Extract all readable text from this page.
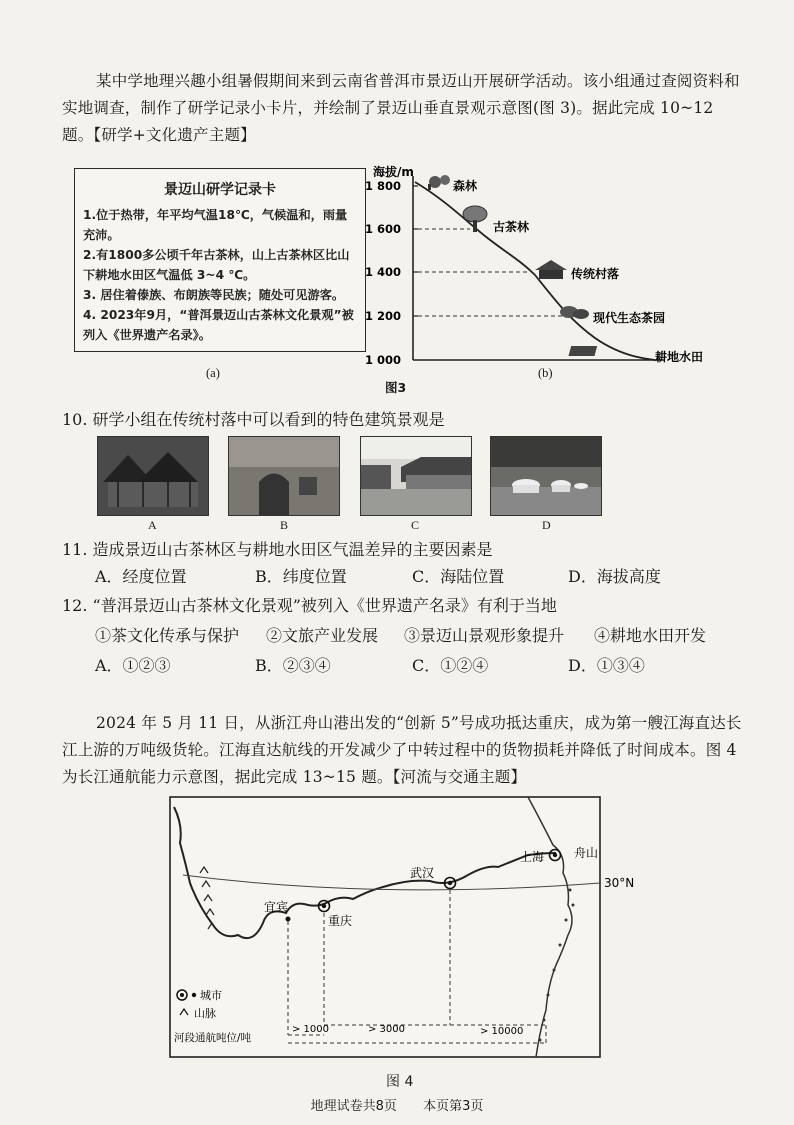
某中学地理兴趣小组暑假期间来到云南省普洱市景迈山开展研学活动。该小组通过查阅资料和实地调查，制作了研学记录小卡片，并绘制了景迈山垂直景观示意图(图 3)。据此完成 10~12 题。【研学+文化遗产主题】
景迈山研学记录卡
1.位于热带，年平均气温18℃，气候温和，雨量充沛。
2.有1800多公顷千年古茶林，山上古茶林区比山下耕地水田区气温低 3~4 ℃。
3. 居住着傣族、布朗族等民族；随处可见游客。
4. 2023年9月，“普洱景迈山古茶林文化景观”被列入《世界遗产名录》。
(a)
海拔/m
1 800
1 600
1 400
1 200
1 000
森林
古茶林
传统村落
现代生态茶园
耕地水田
(b)
图3
10. 研学小组在传统村落中可以看到的特色建筑景观是
A	B	C	D
11. 造成景迈山古茶林区与耕地水田区气温差异的主要因素是
A．经度位置	B．纬度位置	C．海陆位置	D．海拔高度
12. “普洱景迈山古茶林文化景观”被列入《世界遗产名录》有利于当地
①茶文化传承与保护 ②文旅产业发展 ③景迈山景观形象提升 ④耕地水田开发
A．①②③	B．②③④	C．①②④	D．①③④
2024 年 5 月 11 日，从浙江舟山港出发的“创新 5”号成功抵达重庆，成为第一艘江海直达长江上游的万吨级货轮。江海直达航线的开发减少了中转过程中的货物损耗并降低了时间成本。图 4 为长江通航能力示意图，据此完成 13~15 题。【河流与交通主题】
30°N
上海 舟山
武汉
宜宾
重庆
> 1000	> 3000	> 10000
城市
山脉
河段通航吨位/吨
图 4
地理试卷共8页 本页第3页
